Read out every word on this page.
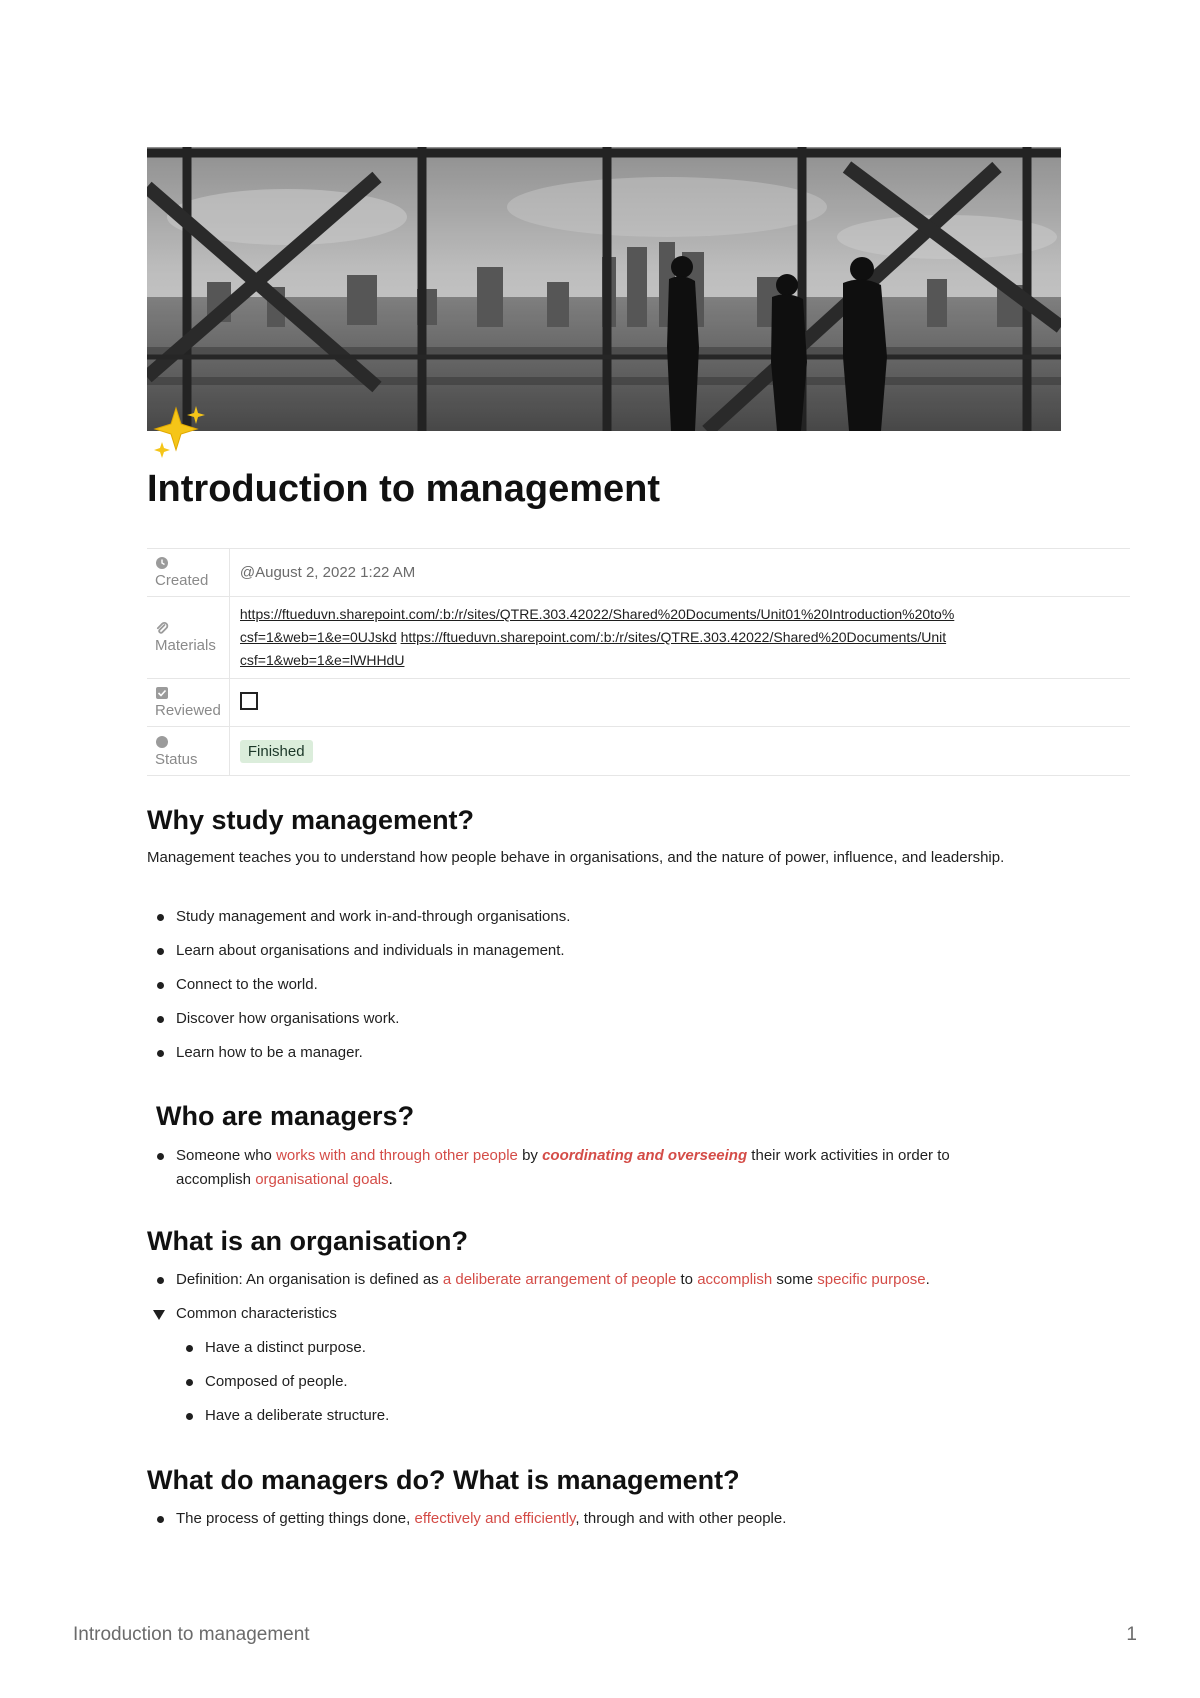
Introduction to management
Created	@August 2, 2022 1:22 AM

Materials	https://ftueduvn.sharepoint.com/:b:/r/sites/QTRE.303.42022/Shared%20Documents/Unit01%20Introduction%20to%
csf=1&web=1&e=0UJskd https://ftueduvn.sharepoint.com/:b:/r/sites/QTRE.303.42022/Shared%20Documents/Unit
csf=1&web=1&e=lWHHdU

Reviewed	
Status	Finished
Why study management?

Management teaches you to understand how people behave in organisations, and the nature of power, influence, and leadership.

Study management and work in-and-through organisations.
Learn about organisations and individuals in management.
Connect to the world.
Discover how organisations work.
Learn how to be a manager.
Who are managers?
Someone who works with and through other people by coordinating and overseeing their work activities in order to accomplish organisational goals.
What is an organisation?
Definition: An organisation is defined as a deliberate arrangement of people to accomplish some specific purpose.
Common characteristics
Have a distinct purpose.
Composed of people.
Have a deliberate structure.
What do managers do? What is management?
The process of getting things done, effectively and efficiently, through and with other people.
Introduction to management	1
